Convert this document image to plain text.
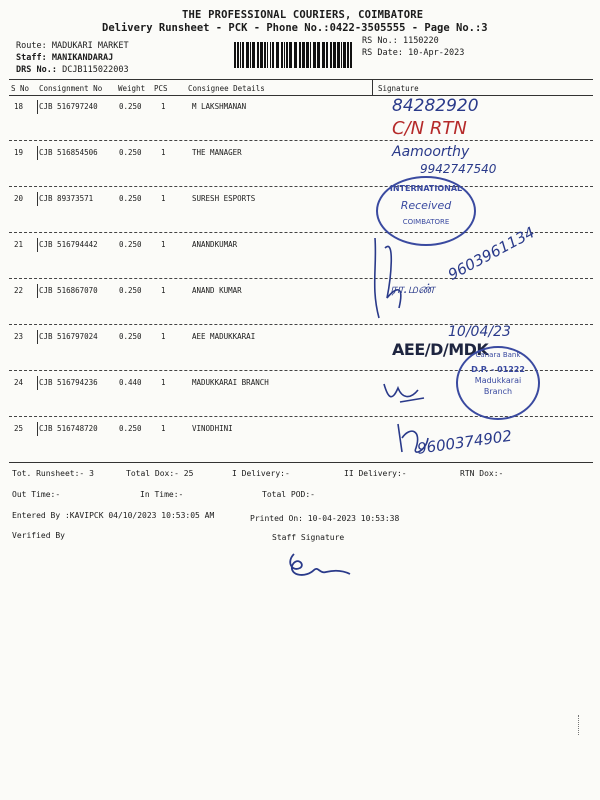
THE PROFESSIONAL COURIERS, COIMBATORE
Delivery Runsheet - PCK - Phone No.:0422-3505555 - Page No.:3
Route: MADUKARI MARKET
Staff: MANIKANDARAJ
DRS No.: DCJB115022003
RS No.: 1150220
RS Date: 10-Apr-2023
S No Consignment No Weight PCS	Consignee Details	Signature
18 CJB 516797240	0.250	1	M LAKSHMANAN
19 CJB 516854506	0.250	1	THE MANAGER
20 CJB 89373571	0.250	1	SURESH ESPORTS
21 CJB 516794442	0.250	1	ANANDKUMAR
22 CJB 516867070	0.250	1	ANAND KUMAR
23 CJB 516797024	0.250	1	AEE MADUKKARAI
24 CJB 516794236	0.440	1	MADUKKARAI BRANCH
25 CJB 516748720	0.250	1	VINODHINI
84282920
C/N RTN
Aamoorthy
9942747540
INTERNATIONAL
Received
COIMBATORE
ரா.மண்
9603961134
10/04/23
AEE/D/MDK
Canara Bank
D.P. - 01222
Madukkarai
Branch
9600374902
Tot. Runsheet:- 3	Total Dox:- 25	I Delivery:-	II Delivery:-	RTN Dox:-
Out Time:-	In Time:-	Total POD:-
Entered By :KAVIPCK 04/10/2023 10:53:05 AM	Printed On: 10-04-2023 10:53:38
Verified By	Staff Signature
